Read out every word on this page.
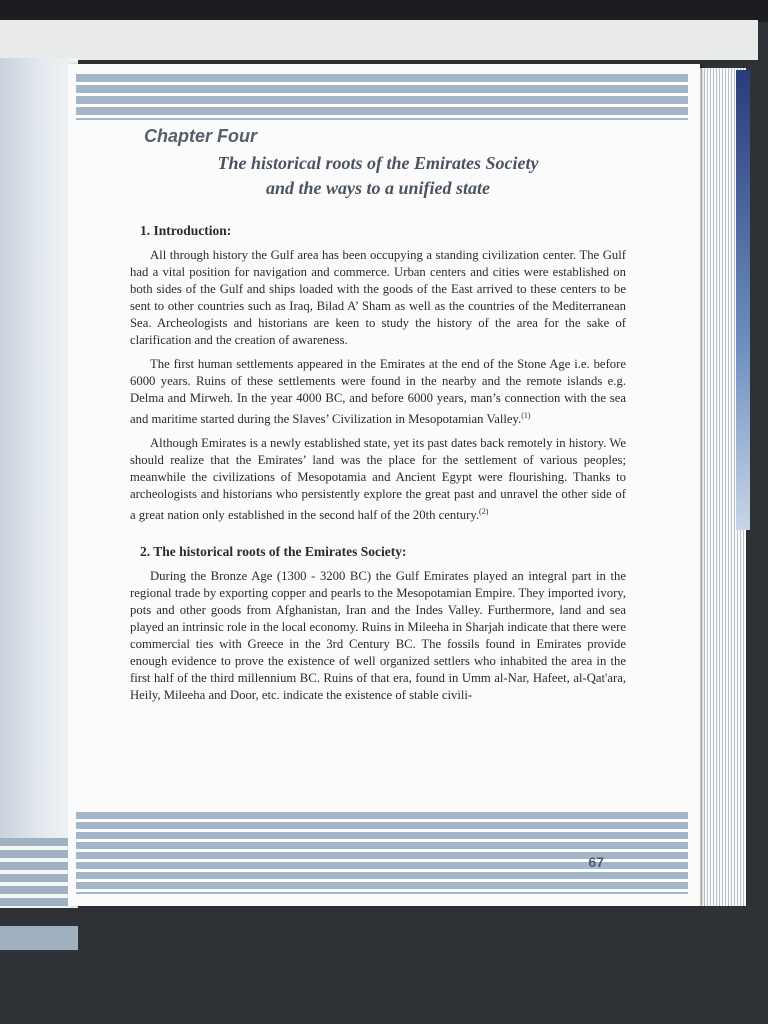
Chapter Four
The historical roots of the Emirates Society
and the ways to a unified state
1. Introduction:

All through history the Gulf area has been occupying a standing civilization center. The Gulf had a vital position for navigation and commerce. Urban centers and cities were established on both sides of the Gulf and ships loaded with the goods of the East arrived to these centers to be sent to other countries such as Iraq, Bilad A’ Sham as well as the countries of the Mediterranean Sea. Archeologists and historians are keen to study the history of the area for the sake of clarification and the creation of awareness.

The first human settlements appeared in the Emirates at the end of the Stone Age i.e. before 6000 years. Ruins of these settlements were found in the nearby and the remote islands e.g. Delma and Mirweh. In the year 4000 BC, and before 6000 years, man’s connection with the sea and maritime started during the Slaves’ Civilization in Mesopotamian Valley.$^{(1)}$

Although Emirates is a newly established state, yet its past dates back remotely in history. We should realize that the Emirates’ land was the place for the settlement of various peoples; meanwhile the civilizations of Mesopotamia and Ancient Egypt were flourishing. Thanks to archeologists and historians who persistently explore the great past and unravel the other side of a great nation only established in the second half of the 20th century.$^{(2)}$

2. The historical roots of the Emirates Society:

During the Bronze Age (1300 - 3200 BC) the Gulf Emirates played an integral part in the regional trade by exporting copper and pearls to the Mesopotamian Empire. They imported ivory, pots and other goods from Afghanistan, Iran and the Indes Valley. Furthermore, land and sea played an intrinsic role in the local economy. Ruins in Mileeha in Sharjah indicate that there were commercial ties with Greece in the 3rd Century BC. The fossils found in Emirates provide enough evidence to prove the existence of well organized settlers who inhabited the area in the first half of the third millennium BC. Ruins of that era, found in Umm al-Nar, Hafeet, al-Qat'ara, Heily, Mileeha and Door, etc. indicate the existence of stable civili-

67
